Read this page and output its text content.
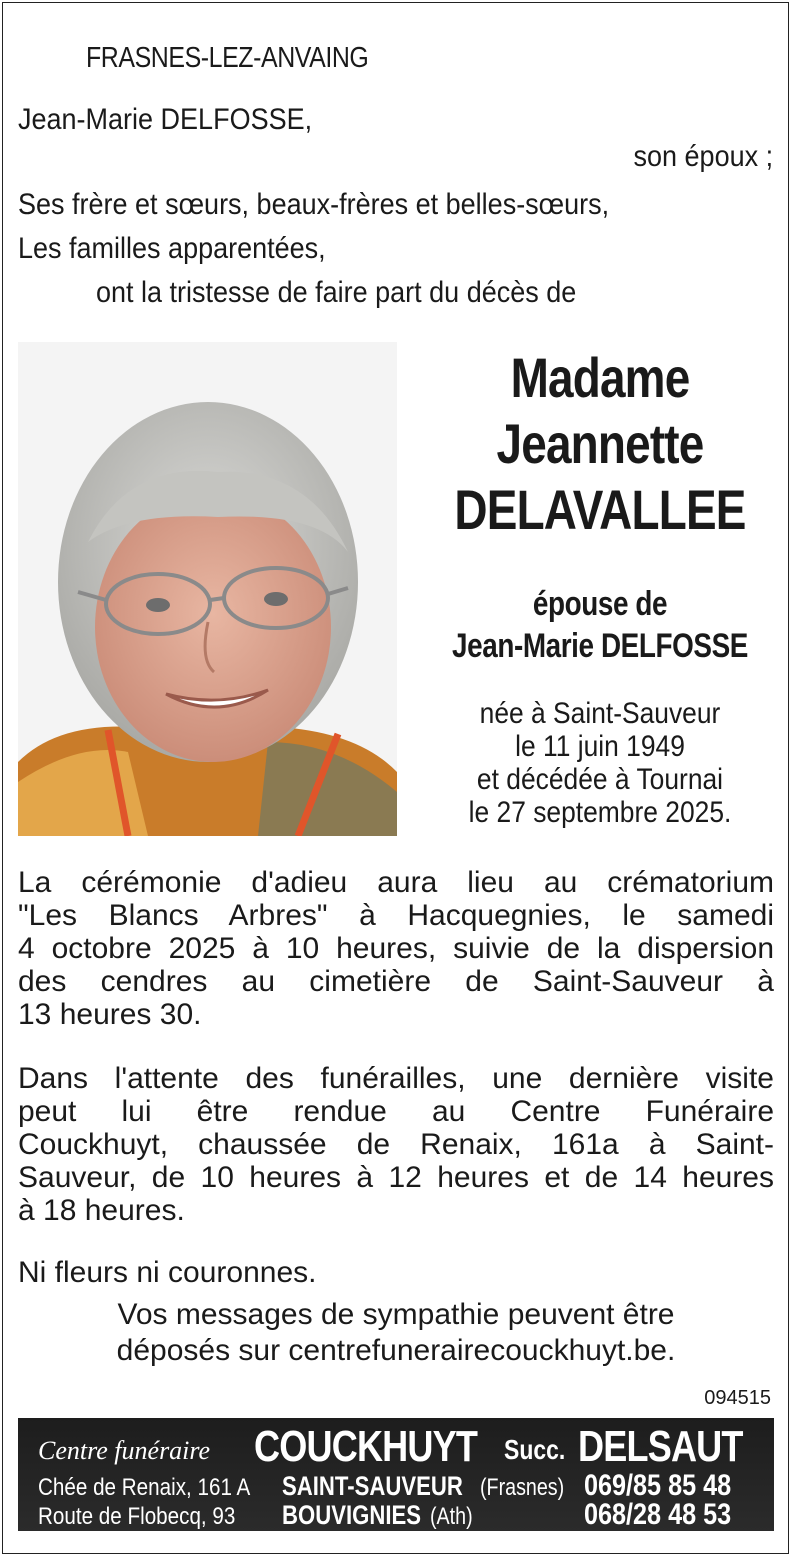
FRASNES-LEZ-ANVAING
Jean-Marie DELFOSSE,
son époux ;
Ses frère et sœurs, beaux-frères et belles-sœurs,
Les familles apparentées,
ont la tristesse de faire part du décès de
Madame
Jeannette
DELAVALLEE
épouse de
Jean-Marie DELFOSSE
née à Saint-Sauveur
le 11 juin 1949
et décédée à Tournai
le 27 septembre 2025.
La cérémonie d'adieu aura lieu au crématorium
"Les Blancs Arbres" à Hacquegnies, le samedi
4 octobre 2025 à 10 heures, suivie de la dispersion
des cendres au cimetière de Saint-Sauveur à
13 heures 30.
Dans l'attente des funérailles, une dernière visite
peut lui être rendue au Centre Funéraire
Couckhuyt, chaussée de Renaix, 161a à Saint-
Sauveur, de 10 heures à 12 heures et de 14 heures
à 18 heures.
Ni fleurs ni couronnes.
Vos messages de sympathie peuvent être
déposés sur centrefunerairecouckhuyt.be.
094515
Centre funéraire COUCKHUYT Succ. DELSAUT
Chée de Renaix, 161 A SAINT-SAUVEUR (Frasnes) 069/85 85 48
Route de Flobecq, 93 BOUVIGNIES (Ath)	068/28 48 53
